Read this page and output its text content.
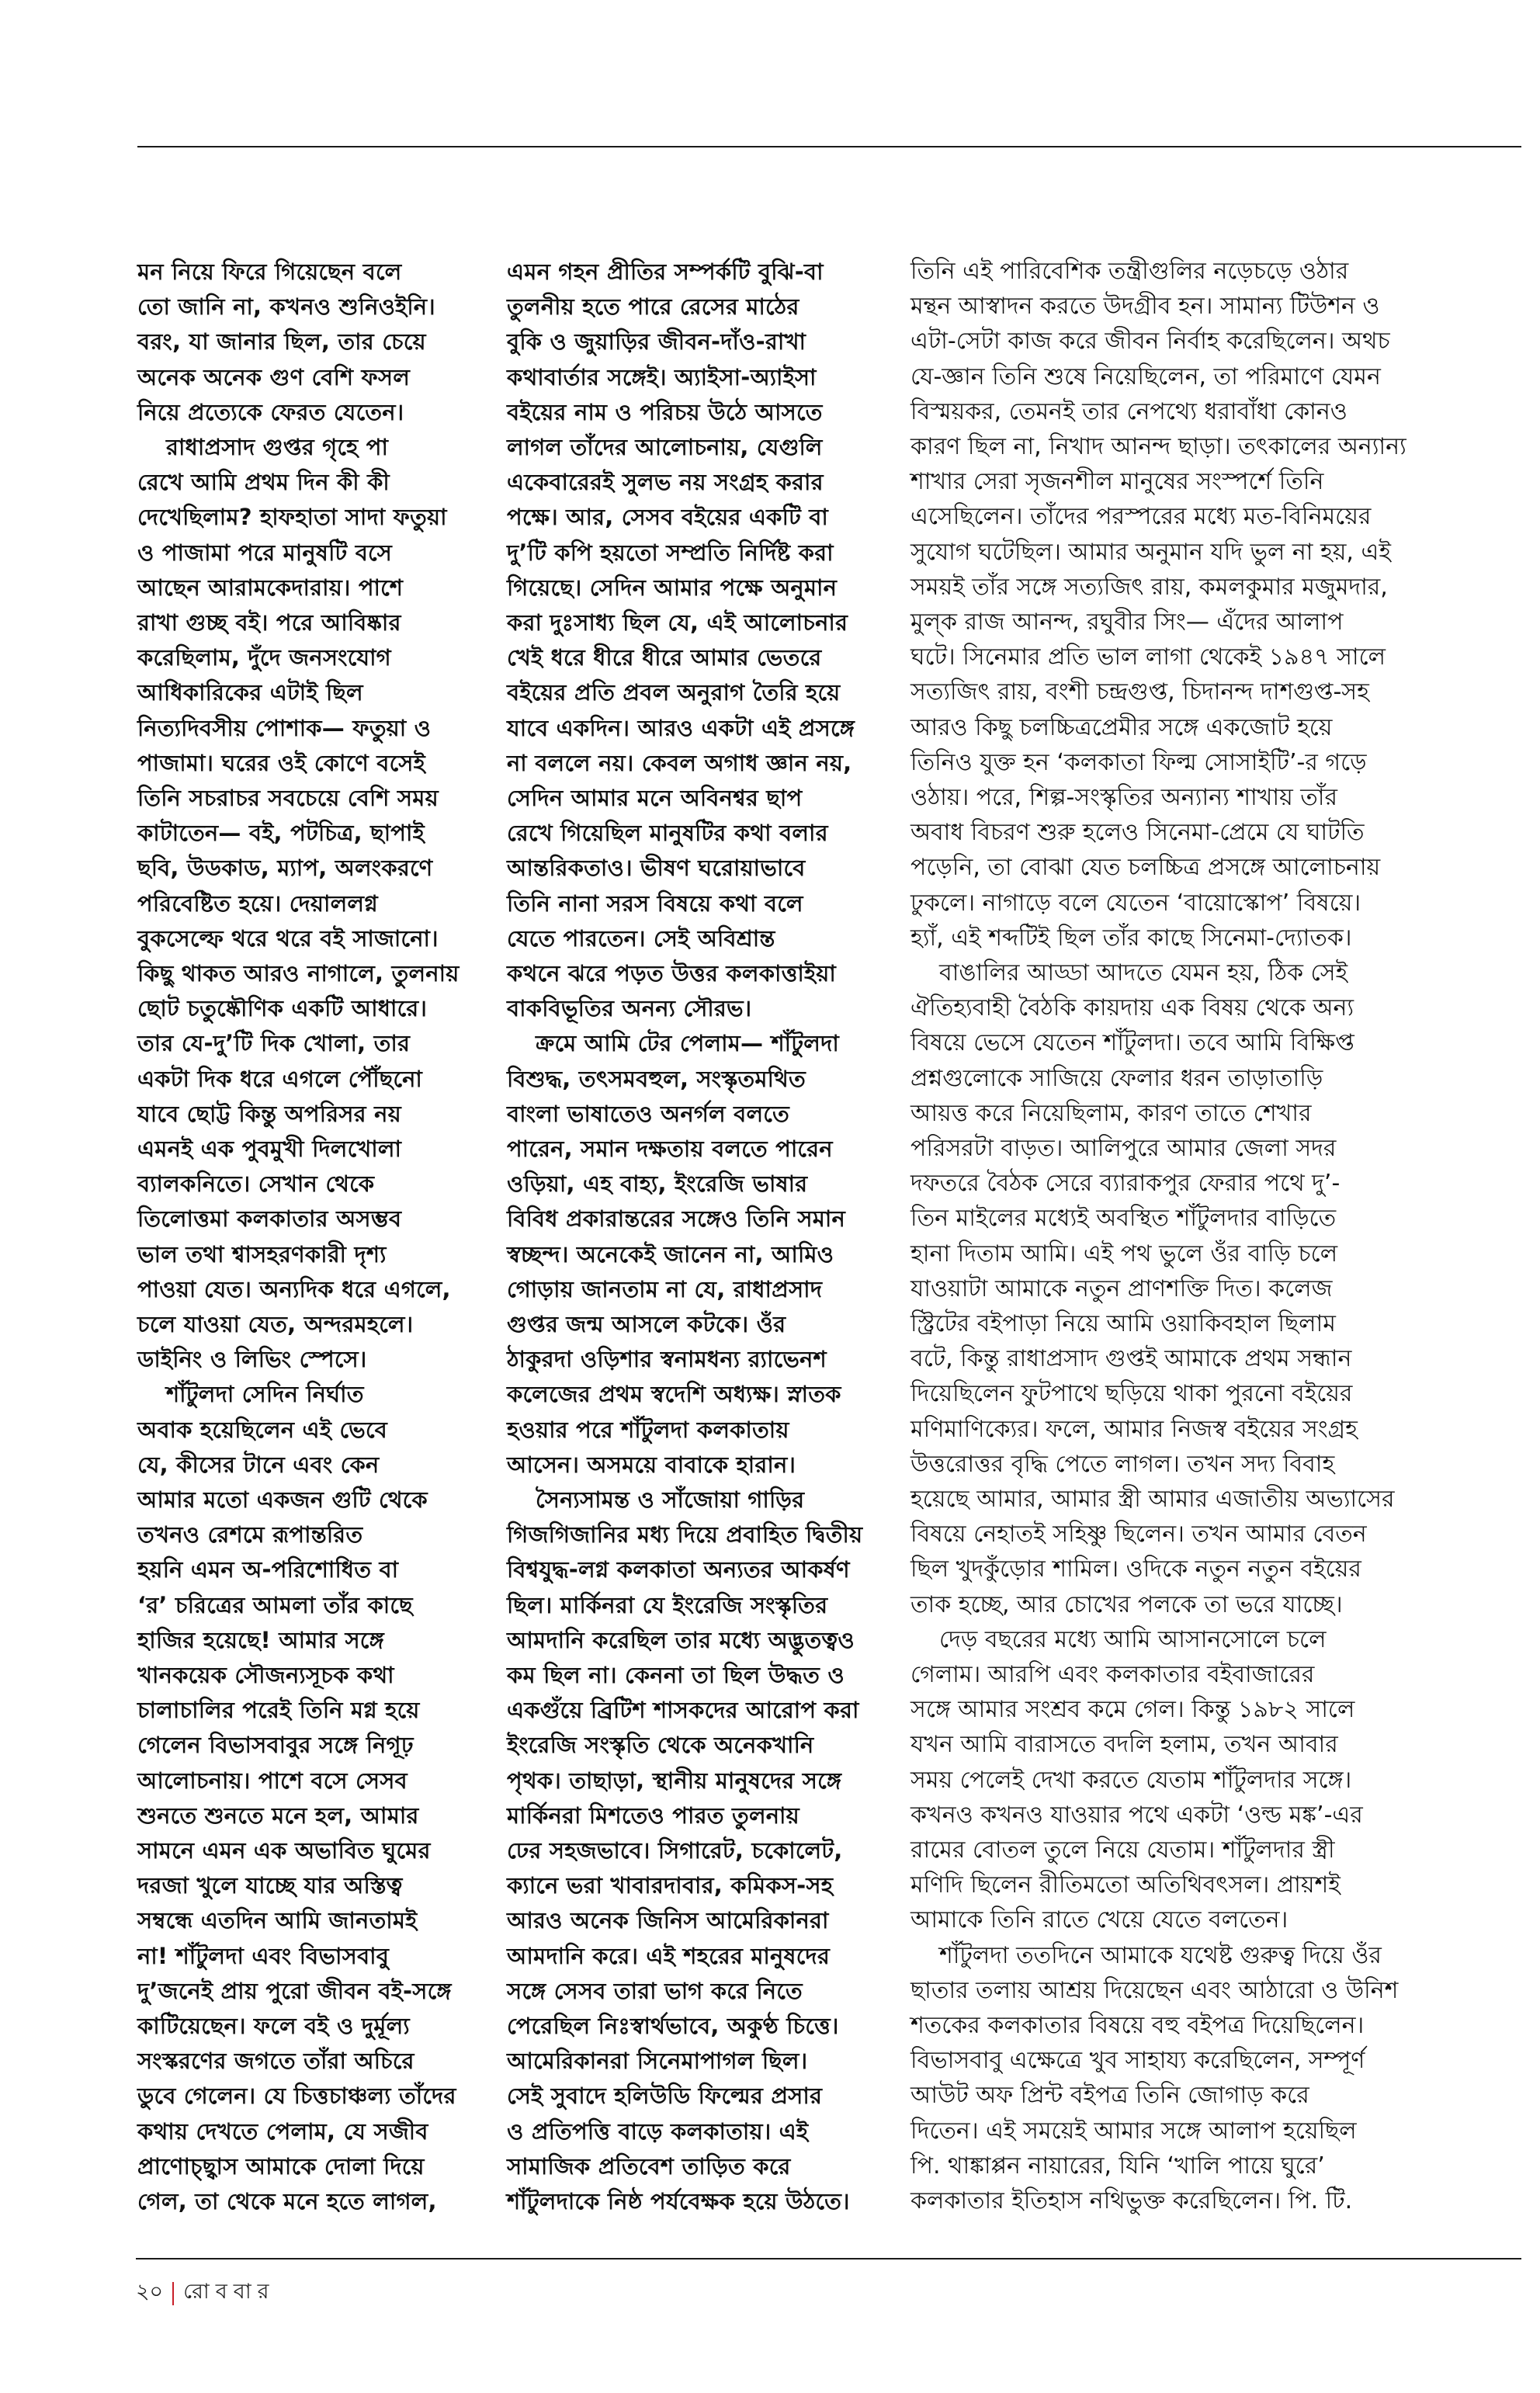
মন নিয়ে ফিরে গিয়েছেন বলে
তো জানি না, কখনও শুনিওইনি।
বরং, যা জানার ছিল, তার চেয়ে
অনেক অনেক গুণ বেশি ফসল
নিয়ে প্রত্যেকে ফেরত যেতেন।
রাধাপ্রসাদ গুপ্তর গৃহে পা
রেখে আমি প্রথম দিন কী কী
দেখেছিলাম? হাফহাতা সাদা ফতুয়া
ও পাজামা পরে মানুষটি বসে
আছেন আরামকেদারায়। পাশে
রাখা গুচ্ছ বই। পরে আবিষ্কার
করেছিলাম, দুঁদে জনসংযোগ
আধিকারিকের এটাই ছিল
নিত্যদিবসীয় পোশাক— ফতুয়া ও
পাজামা। ঘরের ওই কোণে বসেই
তিনি সচরাচর সবচেয়ে বেশি সময়
কাটাতেন— বই, পটচিত্র, ছাপাই
ছবি, উডকাড, ম্যাপ, অলংকরণে
পরিবেষ্টিত হয়ে। দেয়াললগ্ন
বুকসেল্ফে থরে থরে বই সাজানো।
কিছু থাকত আরও নাগালে, তুলনায়
ছোট চতুষ্কৌণিক একটি আধারে।
তার যে-দু’টি দিক খোলা, তার
একটা দিক ধরে এগলে পৌঁছনো
যাবে ছোট্ট কিন্তু অপরিসর নয়
এমনই এক পুবমুখী দিলখোলা
ব্যালকনিতে। সেখান থেকে
তিলোত্তমা কলকাতার অসম্ভব
ভাল তথা শ্বাসহরণকারী দৃশ্য
পাওয়া যেত। অন্যদিক ধরে এগলে,
চলে যাওয়া যেত, অন্দরমহলে।
ডাইনিং ও লিভিং স্পেসে।
শাঁটুলদা সেদিন নির্ঘাত
অবাক হয়েছিলেন এই ভেবে
যে, কীসের টানে এবং কেন
আমার মতো একজন গুটি থেকে
তখনও রেশমে রূপান্তরিত
হয়নি এমন অ-পরিশোধিত বা
‘র’ চরিত্রের আমলা তাঁর কাছে
হাজির হয়েছে! আমার সঙ্গে
খানকয়েক সৌজন্যসূচক কথা
চালাচালির পরেই তিনি মগ্ন হয়ে
গেলেন বিভাসবাবুর সঙ্গে নিগূঢ়
আলোচনায়। পাশে বসে সেসব
শুনতে শুনতে মনে হল, আমার
সামনে এমন এক অভাবিত ঘুমের
দরজা খুলে যাচ্ছে যার অস্তিত্ব
সম্বন্ধে এতদিন আমি জানতামই
না! শাঁটুলদা এবং বিভাসবাবু
দু’জনেই প্রায় পুরো জীবন বই-সঙ্গে
কাটিয়েছেন। ফলে বই ও দুর্মূল্য
সংস্করণের জগতে তাঁরা অচিরে
ডুবে গেলেন। যে চিত্তচাঞ্চল্য তাঁদের
কথায় দেখতে পেলাম, যে সজীব
প্রাণোচ্ছ্বাস আমাকে দোলা দিয়ে
গেল, তা থেকে মনে হতে লাগল,
এমন গহন প্রীতির সম্পর্কটি বুঝি-বা
তুলনীয় হতে পারে রেসের মাঠের
বুকি ও জুয়াড়ির জীবন-দাঁও-রাখা
কথাবার্তার সঙ্গেই। অ্যাইসা-অ্যাইসা
বইয়ের নাম ও পরিচয় উঠে আসতে
লাগল তাঁদের আলোচনায়, যেগুলি
একেবারেরই সুলভ নয় সংগ্রহ করার
পক্ষে। আর, সেসব বইয়ের একটি বা
দু’টি কপি হয়তো সম্প্রতি নির্দিষ্ট করা
গিয়েছে। সেদিন আমার পক্ষে অনুমান
করা দুঃসাধ্য ছিল যে, এই আলোচনার
খেই ধরে ধীরে ধীরে আমার ভেতরে
বইয়ের প্রতি প্রবল অনুরাগ তৈরি হয়ে
যাবে একদিন। আরও একটা এই প্রসঙ্গে
না বললে নয়। কেবল অগাধ জ্ঞান নয়,
সেদিন আমার মনে অবিনশ্বর ছাপ
রেখে গিয়েছিল মানুষটির কথা বলার
আন্তরিকতাও। ভীষণ ঘরোয়াভাবে
তিনি নানা সরস বিষয়ে কথা বলে
যেতে পারতেন। সেই অবিশ্রান্ত
কথনে ঝরে পড়ত উত্তর কলকাত্তাইয়া
বাকবিভূতির অনন্য সৌরভ।
ক্রমে আমি টের পেলাম— শাঁটুলদা
বিশুদ্ধ, তৎসমবহুল, সংস্কৃতমথিত
বাংলা ভাষাতেও অনর্গল বলতে
পারেন, সমান দক্ষতায় বলতে পারেন
ওড়িয়া, এহ বাহ্য, ইংরেজি ভাষার
বিবিধ প্রকারান্তরের সঙ্গেও তিনি সমান
স্বচ্ছন্দ। অনেকেই জানেন না, আমিও
গোড়ায় জানতাম না যে, রাধাপ্রসাদ
গুপ্তর জন্ম আসলে কটকে। ওঁর
ঠাকুরদা ওড়িশার স্বনামধন্য র‌্যাভেনশ
কলেজের প্রথম স্বদেশি অধ্যক্ষ। স্নাতক
হওয়ার পরে শাঁটুলদা কলকাতায়
আসেন। অসময়ে বাবাকে হারান।
সৈন্যসামন্ত ও সাঁজোয়া গাড়ির
গিজগিজানির মধ্য দিয়ে প্রবাহিত দ্বিতীয়
বিশ্বযুদ্ধ-লগ্ন কলকাতা অন্যতর আকর্ষণ
ছিল। মার্কিনরা যে ইংরেজি সংস্কৃতির
আমদানি করেছিল তার মধ্যে অদ্ভুতত্বও
কম ছিল না। কেননা তা ছিল উদ্ধত ও
একগুঁয়ে ব্রিটিশ শাসকদের আরোপ করা
ইংরেজি সংস্কৃতি থেকে অনেকখানি
পৃথক। তাছাড়া, স্থানীয় মানুষদের সঙ্গে
মার্কিনরা মিশতেও পারত তুলনায়
ঢের সহজভাবে। সিগারেট, চকোলেট,
ক্যানে ভরা খাবারদাবার, কমিকস-সহ
আরও অনেক জিনিস আমেরিকানরা
আমদানি করে। এই শহরের মানুষদের
সঙ্গে সেসব তারা ভাগ করে নিতে
পেরেছিল নিঃস্বার্থভাবে, অকুণ্ঠ চিত্তে।
আমেরিকানরা সিনেমাপাগল ছিল।
সেই সুবাদে হলিউডি ফিল্মের প্রসার
ও প্রতিপত্তি বাড়ে কলকাতায়। এই
সামাজিক প্রতিবেশ তাড়িত করে
শাঁটুলদাকে নিষ্ঠ পর্যবেক্ষক হয়ে উঠতে।
তিনি এই পারিবেশিক তন্ত্রীগুলির নড়েচড়ে ওঠার
মন্থন আস্বাদন করতে উদগ্রীব হন। সামান্য টিউশন ও
এটা-সেটা কাজ করে জীবন নির্বাহ করেছিলেন। অথচ
যে-জ্ঞান তিনি শুষে নিয়েছিলেন, তা পরিমাণে যেমন
বিস্ময়কর, তেমনই তার নেপথ্যে ধরাবাঁধা কোনও
কারণ ছিল না, নিখাদ আনন্দ ছাড়া। তৎকালের অন্যান্য
শাখার সেরা সৃজনশীল মানুষের সংস্পর্শে তিনি
এসেছিলেন। তাঁদের পরস্পরের মধ্যে মত-বিনিময়ের
সুযোগ ঘটেছিল। আমার অনুমান যদি ভুল না হয়, এই
সময়ই তাঁর সঙ্গে সত্যজিৎ রায়, কমলকুমার মজুমদার,
মুল্‌ক রাজ আনন্দ, রঘুবীর সিং— এঁদের আলাপ
ঘটে। সিনেমার প্রতি ভাল লাগা থেকেই ১৯৪৭ সালে
সত্যজিৎ রায়, বংশী চন্দ্রগুপ্ত, চিদানন্দ দাশগুপ্ত-সহ
আরও কিছু চলচ্চিত্রপ্রেমীর সঙ্গে একজোট হয়ে
তিনিও যুক্ত হন ‘কলকাতা ফিল্ম সোসাইটি’-র গড়ে
ওঠায়। পরে, শিল্প-সংস্কৃতির অন্যান্য শাখায় তাঁর
অবাধ বিচরণ শুরু হলেও সিনেমা-প্রেমে যে ঘাটতি
পড়েনি, তা বোঝা যেত চলচ্চিত্র প্রসঙ্গে আলোচনায়
ঢুকলে। নাগাড়ে বলে যেতেন ‘বায়োস্কোপ’ বিষয়ে।
হ্যাঁ, এই শব্দটিই ছিল তাঁর কাছে সিনেমা-দ্যোতক।
বাঙালির আড্ডা আদতে যেমন হয়, ঠিক সেই
ঐতিহ্যবাহী বৈঠকি কায়দায় এক বিষয় থেকে অন্য
বিষয়ে ভেসে যেতেন শাঁটুলদা। তবে আমি বিক্ষিপ্ত
প্রশ্নগুলোকে সাজিয়ে ফেলার ধরন তাড়াতাড়ি
আয়ত্ত করে নিয়েছিলাম, কারণ তাতে শেখার
পরিসরটা বাড়ত। আলিপুরে আমার জেলা সদর
দফতরে বৈঠক সেরে ব্যারাকপুর ফেরার পথে দু’-
তিন মাইলের মধ্যেই অবস্থিত শাঁটুলদার বাড়িতে
হানা দিতাম আমি। এই পথ ভুলে ওঁর বাড়ি চলে
যাওয়াটা আমাকে নতুন প্রাণশক্তি দিত। কলেজ
স্ট্রিটের বইপাড়া নিয়ে আমি ওয়াকিবহাল ছিলাম
বটে, কিন্তু রাধাপ্রসাদ গুপ্তই আমাকে প্রথম সন্ধান
দিয়েছিলেন ফুটপাথে ছড়িয়ে থাকা পুরনো বইয়ের
মণিমাণিক্যের। ফলে, আমার নিজস্ব বইয়ের সংগ্রহ
উত্তরোত্তর বৃদ্ধি পেতে লাগল। তখন সদ্য বিবাহ
হয়েছে আমার, আমার স্ত্রী আমার এজাতীয় অভ্যাসের
বিষয়ে নেহাতই সহিষ্ণু ছিলেন। তখন আমার বেতন
ছিল খুদকুঁড়োর শামিল। ওদিকে নতুন নতুন বইয়ের
তাক হচ্ছে, আর চোখের পলকে তা ভরে যাচ্ছে।
দেড় বছরের মধ্যে আমি আসানসোলে চলে
গেলাম। আরপি এবং কলকাতার বইবাজারের
সঙ্গে আমার সংশ্রব কমে গেল। কিন্তু ১৯৮২ সালে
যখন আমি বারাসতে বদলি হলাম, তখন আবার
সময় পেলেই দেখা করতে যেতাম শাঁটুলদার সঙ্গে।
কখনও কখনও যাওয়ার পথে একটা ‘ওল্ড মঙ্ক’-এর
রামের বোতল তুলে নিয়ে যেতাম। শাঁটুলদার স্ত্রী
মণিদি ছিলেন রীতিমতো অতিথিবৎসল। প্রায়শই
আমাকে তিনি রাতে খেয়ে যেতে বলতেন।
শাঁটুলদা ততদিনে আমাকে যথেষ্ট গুরুত্ব দিয়ে ওঁর
ছাতার তলায় আশ্রয় দিয়েছেন এবং আঠারো ও উনিশ
শতকের কলকাতার বিষয়ে বহু বইপত্র দিয়েছিলেন।
বিভাসবাবু এক্ষেত্রে খুব সাহায্য করেছিলেন, সম্পূর্ণ
আউট অফ প্রিন্ট বইপত্র তিনি জোগাড় করে
দিতেন। এই সময়েই আমার সঙ্গে আলাপ হয়েছিল
পি. থাঙ্কাপ্পন নায়ারের, যিনি ‘খালি পায়ে ঘুরে’
কলকাতার ইতিহাস নথিভুক্ত করেছিলেন। পি. টি.
২০ রোববার
